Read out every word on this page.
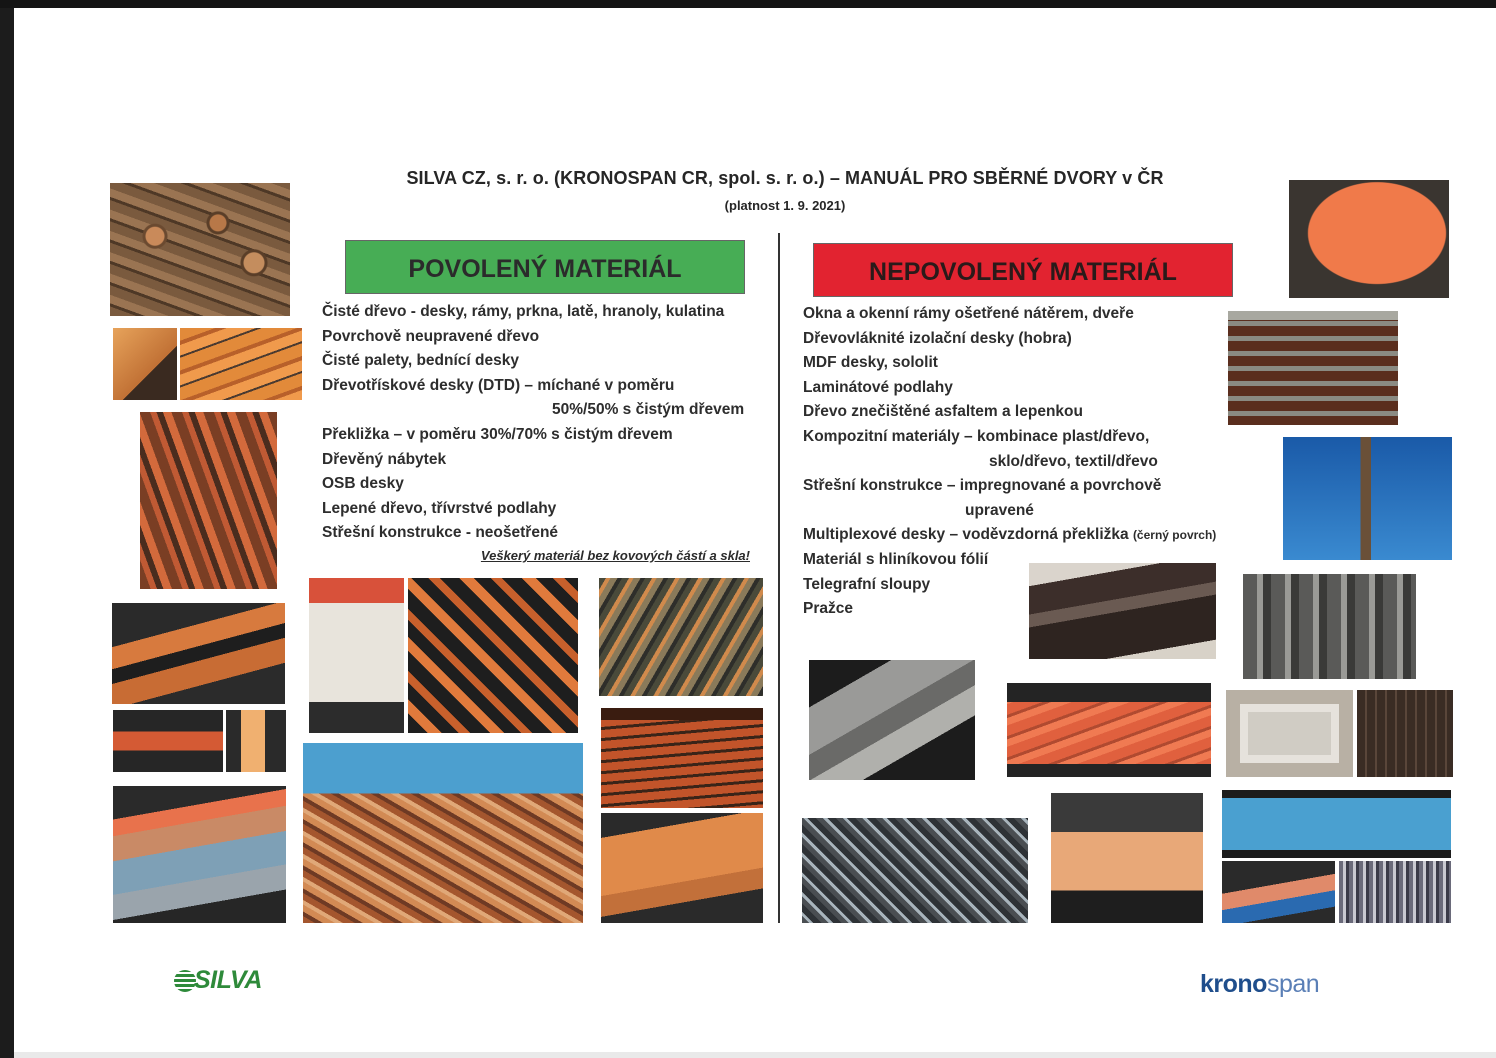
SILVA CZ, s. r. o. (KRONOSPAN CR, spol. s. r. o.) – MANUÁL PRO SBĚRNÉ DVORY v ČR
(platnost 1. 9. 2021)
POVOLENÝ MATERIÁL	NEPOVOLENÝ MATERIÁL
Čisté dřevo - desky, rámy, prkna, latě, hranoly, kulatina
Povrchově neupravené dřevo
Čisté palety, bednící desky
Dřevotřískové desky (DTD) – míchané v poměru
50%/50% s čistým dřevem
Překližka – v poměru 30%/70% s čistým dřevem
Dřevěný nábytek
OSB desky
Lepené dřevo, třívrstvé podlahy
Střešní konstrukce - neošetřené
Veškerý materiál bez kovových částí a skla!
Okna a okenní rámy ošetřené nátěrem, dveře
Dřevovláknité izolační desky (hobra)
MDF desky, sololit
Laminátové podlahy
Dřevo znečištěné asfaltem a lepenkou
Kompozitní materiály – kombinace plast/dřevo,
sklo/dřevo, textil/dřevo
Střešní konstrukce – impregnované a povrchově
upravené
Multiplexové desky – voděvzdorná překližka (černý povrch)
Materiál s hliníkovou fólií
Telegrafní sloupy
Pražce
SILVA	kronospan
